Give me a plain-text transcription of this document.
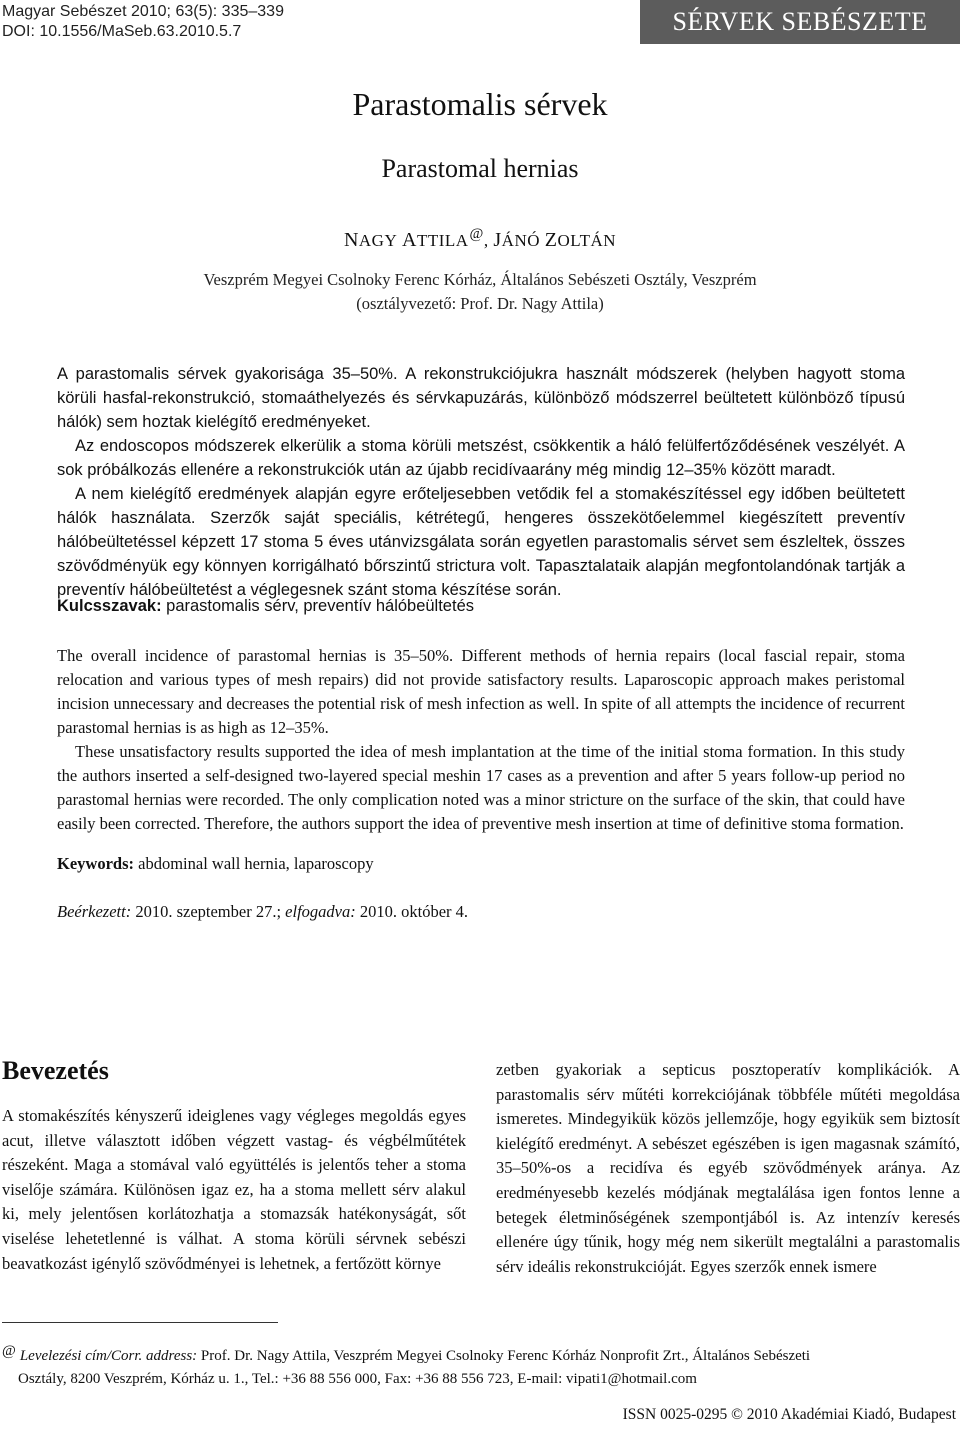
Magyar Sebészet 2010; 63(5): 335–339
DOI: 10.1556/MaSeb.63.2010.5.7	SÉRVEK SEBÉSZETE
Parastomalis sérvek
Parastomal hernias
NAGY ATTILA@, JÁNÓ ZOLTÁN
Veszprém Megyei Csolnoky Ferenc Kórház, Általános Sebészeti Osztály, Veszprém
(osztályvezető: Prof. Dr. Nagy Attila)

A parastomalis sérvek gyakorisága 35–50%. A rekonstrukciójukra használt módszerek (helyben hagyott stoma körüli hasfal-rekonstrukció, stomaáthelyezés és sérvkapuzárás, különböző módszerrel beültetett különböző típusú hálók) sem hoztak kielégítő eredményeket.

Az endoscopos módszerek elkerülik a stoma körüli metszést, csökkentik a háló felülfertőződésének veszélyét. A sok próbálkozás ellenére a rekonstrukciók után az újabb recidívaarány még mindig 12–35% között maradt.

A nem kielégítő eredmények alapján egyre erőteljesebben vetődik fel a stomakészítéssel egy időben beültetett hálók használata. Szerzők saját speciális, kétrétegű, hengeres összekötőelemmel kiegészített preventív hálóbeültetéssel képzett 17 stoma 5 éves utánvizsgálata során egyetlen parastomalis sérvet sem észleltek, összes szövődményük egy könnyen korrigálható bőrszintű strictura volt. Tapasztalataik alapján megfontolandónak tartják a preventív hálóbeültetést a véglegesnek szánt stoma készítése során.

Kulcsszavak: parastomalis sérv, preventív hálóbeültetés

The overall incidence of parastomal hernias is 35–50%. Different methods of hernia repairs (local fascial repair, stoma relocation and various types of mesh repairs) did not provide satisfactory results. Laparoscopic approach makes peristomal incision unnecessary and decreases the potential risk of mesh infection as well. In spite of all attempts the incidence of recurrent parastomal hernias is as high as 12–35%.

These unsatisfactory results supported the idea of mesh implantation at the time of the initial stoma formation. In this study the authors inserted a self-designed two-layered special meshin 17 cases as a prevention and after 5 years follow-up period no parastomal hernias were recorded. The only complication noted was a minor stricture on the surface of the skin, that could have easily been corrected. Therefore, the authors support the idea of preventive mesh insertion at time of definitive stoma formation.

Keywords: abdominal wall hernia, laparoscopy
Beérkezett: 2010. szeptember 27.; elfogadva: 2010. október 4.
Bevezetés

A stomakészítés kényszerű ideiglenes vagy végleges megoldás egyes acut, illetve választott időben végzett vastag- és végbélműtétek részeként. Maga a stomával való együttélés is jelentős teher a stoma viselője számára. Különösen igaz ez, ha a stoma mellett sérv alakul ki, mely jelentősen korlátozhatja a stomazsák hatékonyságát, sőt viselése lehetetlenné is válhat. A stoma körüli sérvnek sebészi beavatkozást igénylő szövődményei is lehetnek, a fertőzött környe

zetben gyakoriak a septicus posztoperatív komplikációk. A parastomalis sérv műtéti korrekciójának többféle műtéti megoldása ismeretes. Mindegyikük közös jellemzője, hogy egyikük sem biztosít kielégítő eredményt. A sebészet egészében is igen magasnak számító, 35–50%-os a recidíva és egyéb szövődmények aránya. Az eredményesebb kezelés módjának megtalálása igen fontos lenne a betegek életminőségének szempontjából is. Az intenzív keresés ellenére úgy tűnik, hogy még nem sikerült megtalálni a parastomalis sérv ideális rekonstrukcióját. Egyes szerzők ennek ismere

@ Levelezési cím/Corr. address: Prof. Dr. Nagy Attila, Veszprém Megyei Csolnoky Ferenc Kórház Nonprofit Zrt., Általános Sebészeti
Osztály, 8200 Veszprém, Kórház u. 1., Tel.: +36 88 556 000, Fax: +36 88 556 723, E-mail: vipati1@hotmail.com
ISSN 0025-0295 © 2010 Akadémiai Kiadó, Budapest
